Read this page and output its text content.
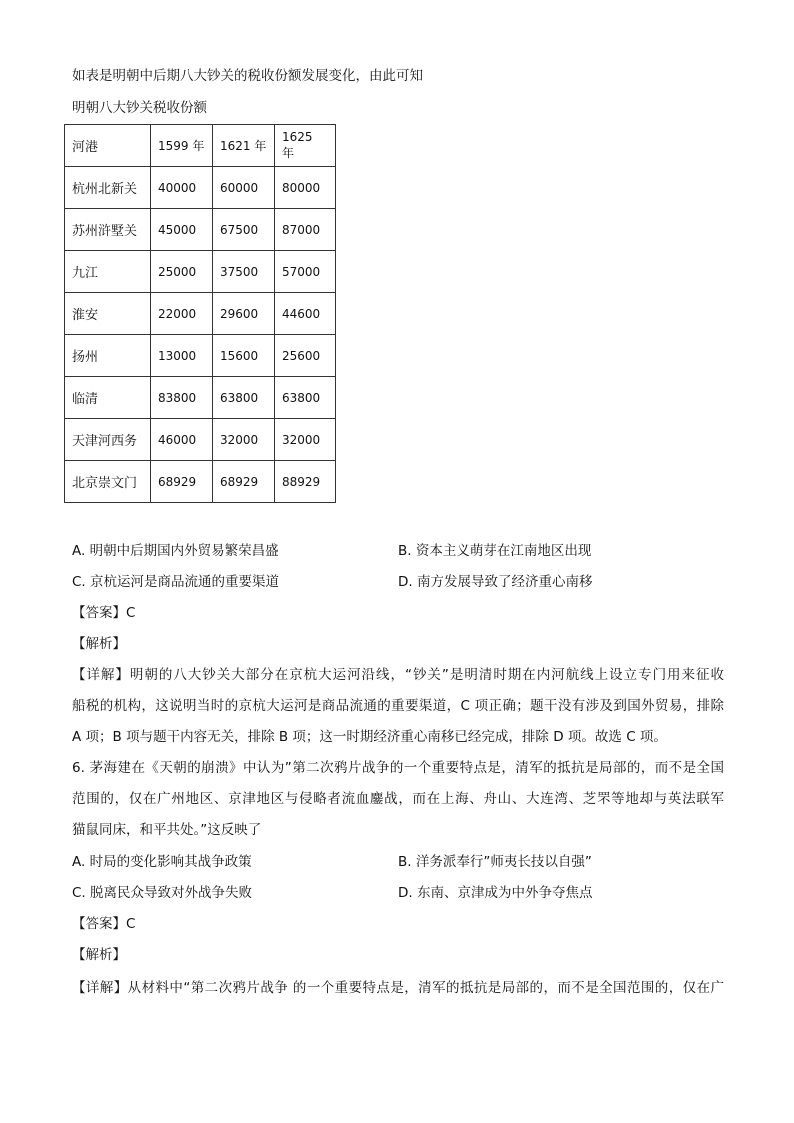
如表是明朝中后期八大钞关的税收份额发展变化，由此可知
明朝八大钞关税收份额
河港	1599 年	1621 年	1625 年
杭州北新关	40000	60000	80000
苏州浒墅关	45000	67500	87000
九江	25000	37500	57000
淮安	22000	29600	44600
扬州	13000	15600	25600
临清	83800	63800	63800
天津河西务	46000	32000	32000
北京崇文门	68929	68929	88929
A. 明朝中后期国内外贸易繁荣昌盛	B. 资本主义萌芽在江南地区出现
C. 京杭运河是商品流通的重要渠道	D. 南方发展导致了经济重心南移
【答案】C
【解析】
【详解】明朝的八大钞关大部分在京杭大运河沿线，“钞关”是明清时期在内河航线上设立专门用来征收
船税的机构，这说明当时的京杭大运河是商品流通的重要渠道，C 项正确；题干没有涉及到国外贸易，排除
A 项；B 项与题干内容无关，排除 B 项；这一时期经济重心南移已经完成，排除 D 项。故选 C 项。
6. 茅海建在《天朝的崩溃》中认为”第二次鸦片战争的一个重要特点是，清军的抵抗是局部的，而不是全国
范围的，仅在广州地区、京津地区与侵略者流血鏖战，而在上海、舟山、大连湾、芝罘等地却与英法联军
猫鼠同床，和平共处。”这反映了
A. 时局的变化影响其战争政策	B. 洋务派奉行”师夷长技以自强”
C. 脱离民众导致对外战争失败	D. 东南、京津成为中外争夺焦点
【答案】C
【解析】
【详解】从材料中“第二次鸦片战争 的一个重要特点是，清军的抵抗是局部的，而不是全国范围的，仅在广
